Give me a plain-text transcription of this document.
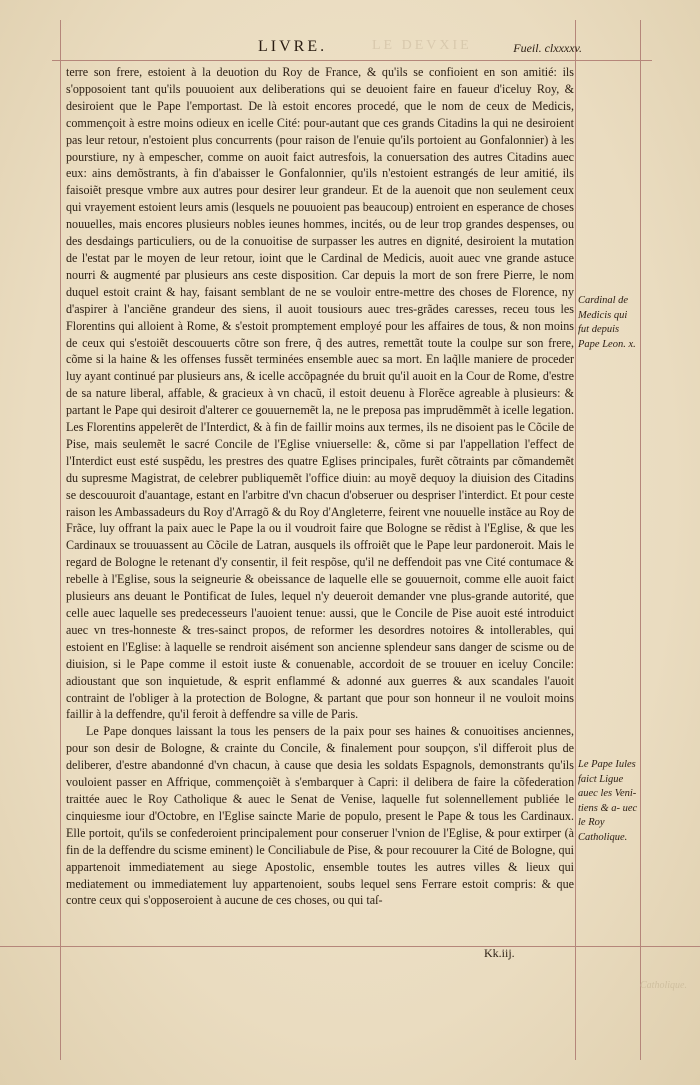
LE DEVXIE
LIVRE.	Fueil. clxxxxv.

terre son frere, estoient à la deuotion du Roy de France, & qu'ils se confioient en son amitié: ils s'opposoient tant qu'ils pouuoient aux deliberations qui se deuoient faire en faueur d'iceluy Roy, & desiroient que le Pape l'emportast. De là estoit encores procedé, que le nom de ceux de Medicis, commençoit à estre moins odieux en icelle Cité: pour-autant que ces grands Citadins la qui ne desiroient pas leur retour, n'estoient plus concurrents (pour raison de l'enuie qu'ils portoient au Gonfalonnier) à les pourstiure, ny à empescher, comme on auoit faict autresfois, la conuersation des autres Citadins auec eux: ains demõstrants, à fin d'abaisser le Gonfalonnier, qu'ils n'estoient estrangés de leur amitié, ils faisoiẽt presque vmbre aux autres pour desirer leur grandeur. Et de la auenoit que non seulement ceux qui vrayement estoient leurs amis (lesquels ne pouuoient pas beaucoup) entroient en esperance de choses nouuelles, mais encores plusieurs nobles ieunes hommes, incités, ou de leur trop grandes despenses, ou des desdaings particuliers, ou de la conuoitise de surpasser les autres en dignité, desiroient la mutation de l'estat par le moyen de leur retour, ioint que le Cardinal de Medicis, auoit auec vne grande astuce nourri & augmenté par plusieurs ans ceste disposition. Car depuis la mort de son frere Pierre, le nom duquel estoit craint & hay, faisant semblant de ne se vouloir entre-mettre des choses de Florence, ny d'aspirer à l'anciẽne grandeur des siens, il auoit tousiours auec tres-grãdes caresses, receu tous les Florentins qui alloient à Rome, & s'estoit promptement employé pour les affaires de tous, & non moins de ceux qui s'estoiẽt descouuerts cõtre son frere, q̃ des autres, remettãt toute la coulpe sur son frere, cõme si la haine & les offenses fussẽt terminées ensemble auec sa mort. En laq̃lle maniere de proceder luy ayant continué par plusieurs ans, & icelle accõpagnée du bruit qu'il auoit en la Cour de Rome, d'estre de sa nature liberal, affable, & gracieux à vn chacũ, il estoit deuenu à Florẽce agreable à plusieurs: & partant le Pape qui desiroit d'alterer ce gouuernemẽt la, ne le preposa pas imprudẽmmẽt à icelle legation. Les Florentins appelerẽt de l'Interdict, & à fin de faillir moins aux termes, ils ne disoient pas le Cõcile de Pise, mais seulemẽt le sacré Concile de l'Eglise vniuerselle: &, cõme si par l'appellation l'effect de l'Interdict eust esté suspẽdu, les prestres des quatre Eglises principales, furẽt cõtraints par cõmandemẽt du supresme Magistrat, de celebrer publiquemẽt l'office diuin: au moyẽ dequoy la diuision des Citadins se descouuroit d'auantage, estant en l'arbitre d'vn chacun d'obseruer ou despriser l'interdict. Et pour ceste raison les Ambassadeurs du Roy d'Arragõ & du Roy d'Angleterre, feirent vne nouuelle instãce au Roy de Frãce, luy offrant la paix auec le Pape la ou il voudroit faire que Bologne se rẽdist à l'Eglise, & que les Cardinaux se trouuassent au Cõcile de Latran, ausquels ils offroiẽt que le Pape leur pardoneroit. Mais le regard de Bologne le retenant d'y consentir, il feit respõse, qu'il ne deffendoit pas vne Cité contumace & rebelle à l'Eglise, sous la seigneurie & obeissance de laquelle elle se gouuernoit, comme elle auoit faict plusieurs ans deuant le Pontificat de Iules, lequel n'y deueroit demander vne plus-grande autorité, que celle auec laquelle ses predecesseurs l'auoient tenue: aussi, que le Concile de Pise auoit esté introduict auec vn tres-honneste & tres-sainct propos, de reformer les desordres notoires & intollerables, qui estoient en l'Eglise: à laquelle se rendroit aisément son ancienne splendeur sans danger de scisme ou de diuision, si le Pape comme il estoit iuste & conuenable, accordoit de se trouuer en iceluy Concile: adioustant que son inquietude, & esprit enflammé & adonné aux guerres & aux scandales l'auoit contraint de l'obliger à la protection de Bologne, & partant que pour son honneur il ne vouloit moins faillir à la deffendre, qu'il feroit à deffendre sa ville de Paris.

Le Pape donques laissant la tous les pensers de la paix pour ses haines & conuoitises anciennes, pour son desir de Bologne, & crainte du Concile, & finalement pour soupçon, s'il differoit plus de deliberer, d'estre abandonné d'vn chacun, à cause que desia les soldats Espagnols, demonstrants qu'ils vouloient passer en Affrique, commençoiẽt à s'embarquer à Capri: il delibera de faire la cõfederation traittée auec le Roy Catholique & auec le Senat de Venise, laquelle fut solennellement publiée le cinquiesme iour d'Octobre, en l'Eglise saincte Marie de populo, present le Pape & tous les Cardinaux. Elle portoit, qu'ils se confederoient principalement pour conseruer l'vnion de l'Eglise, & pour extirper (à fin de la deffendre du scisme eminent) le Conciliabule de Pise, & pour recouurer la Cité de Bologne, qui appartenoit immediatement au siege Apostolic, ensemble toutes les autres villes & lieux qui mediatement ou immediatement luy appartenoient, soubs lequel sens Ferrare estoit compris: & que contre ceux qui s'opposeroient à aucune de ces choses, ou qui taſ-

Cardinal de Medicis qui fut depuis Pape Leon. x.
Le Pape Iules faict Ligue auec les Veni- tiens & a- uec le Roy Catholique.
Kk.iij.
Catholique.
